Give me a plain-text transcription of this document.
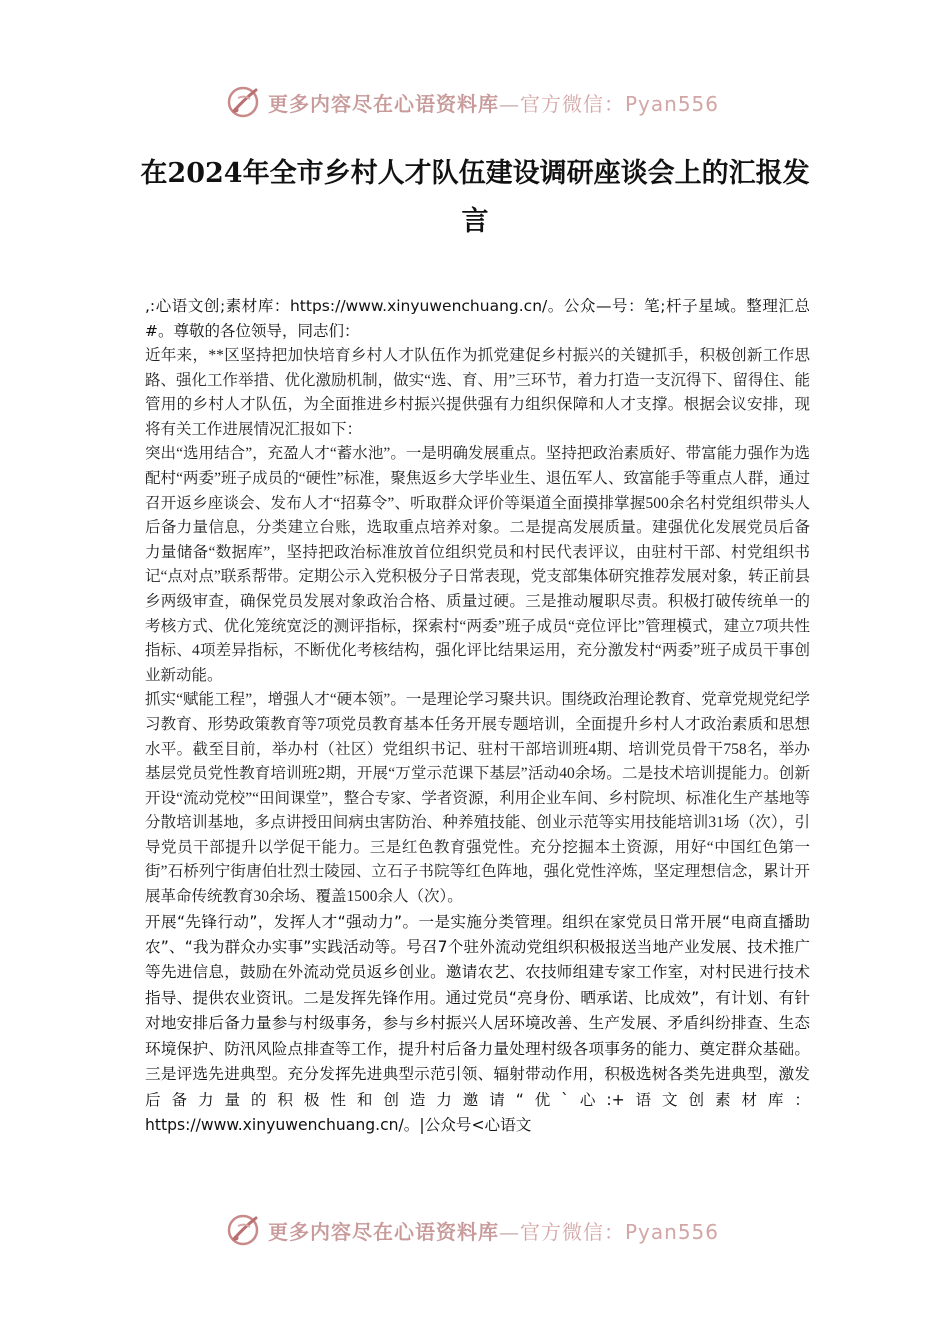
更多内容尽在心语资料库—官方微信：Pyan556
在2024年全市乡村人才队伍建设调研座谈会上的汇报发言

,:心语文创;素材库：https://www.xinyuwenchuang.cn/。公众—号：笔;杆子星域。整理汇总#。尊敬的各位领导，同志们：

近年来，**区坚持把加快培育乡村人才队伍作为抓党建促乡村振兴的关键抓手，积极创新工作思路、强化工作举措、优化激励机制，做实“选、育、用”三环节，着力打造一支沉得下、留得住、能管用的乡村人才队伍，为全面推进乡村振兴提供强有力组织保障和人才支撑。根据会议安排，现将有关工作进展情况汇报如下：

突出“选用结合”，充盈人才“蓄水池”。一是明确发展重点。坚持把政治素质好、带富能力强作为选配村“两委”班子成员的“硬性”标准，聚焦返乡大学毕业生、退伍军人、致富能手等重点人群，通过召开返乡座谈会、发布人才“招募令”、听取群众评价等渠道全面摸排掌握500余名村党组织带头人后备力量信息，分类建立台账，选取重点培养对象。二是提高发展质量。建强优化发展党员后备力量储备“数据库”，坚持把政治标准放首位组织党员和村民代表评议，由驻村干部、村党组织书记“点对点”联系帮带。定期公示入党积极分子日常表现，党支部集体研究推荐发展对象，转正前县乡两级审查，确保党员发展对象政治合格、质量过硬。三是推动履职尽责。积极打破传统单一的考核方式、优化笼统宽泛的测评指标，探索村“两委”班子成员“竞位评比”管理模式，建立7项共性指标、4项差异指标，不断优化考核结构，强化评比结果运用，充分激发村“两委”班子成员干事创业新动能。

抓实“赋能工程”，增强人才“硬本领”。一是理论学习聚共识。围绕政治理论教育、党章党规党纪学习教育、形势政策教育等7项党员教育基本任务开展专题培训，全面提升乡村人才政治素质和思想水平。截至目前，举办村（社区）党组织书记、驻村干部培训班4期、培训党员骨干758名，举办基层党员党性教育培训班2期，开展“万堂示范课下基层”活动40余场。二是技术培训提能力。创新开设“流动党校”“田间课堂”，整合专家、学者资源，利用企业车间、乡村院坝、标准化生产基地等分散培训基地，多点讲授田间病虫害防治、种养殖技能、创业示范等实用技能培训31场（次），引导党员干部提升以学促干能力。三是红色教育强党性。充分挖掘本土资源，用好“中国红色第一街”石桥列宁街唐伯壮烈士陵园、立石子书院等红色阵地，强化党性淬炼，坚定理想信念，累计开展革命传统教育30余场、覆盖1500余人（次）。

开展“先锋行动”，发挥人才“强动力”。一是实施分类管理。组织在家党员日常开展“电商直播助农”、“我为群众办实事”实践活动等。号召7个驻外流动党组织积极报送当地产业发展、技术推广等先进信息，鼓励在外流动党员返乡创业。邀请农艺、农技师组建专家工作室，对村民进行技术指导、提供农业资讯。二是发挥先锋作用。通过党员“亮身份、晒承诺、比成效”，有计划、有针对地安排后备力量参与村级事务，参与乡村振兴人居环境改善、生产发展、矛盾纠纷排查、生态环境保护、防汛风险点排查等工作，提升村后备力量处理村级各项事务的能力、奠定群众基础。三是评选先进典型。充分发挥先进典型示范引领、辐射带动作用，积极选树各类先进典型，激发后备力量的积极性和创造力邀请“优`心:+语文创素材库：https://www.xinyuwenchuang.cn/。|公众号<心语文

更多内容尽在心语资料库—官方微信：Pyan556
